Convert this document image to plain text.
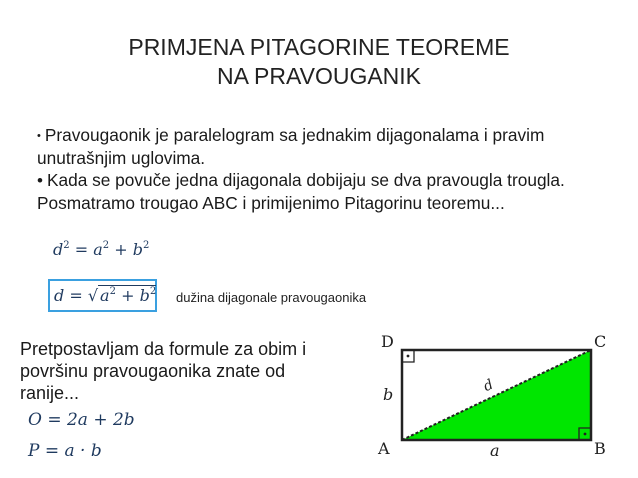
PRIMJENA PITAGORINE TEOREME
NA PRAVOUGANIK
• Pravougaonik je paralelogram sa jednakim dijagonalama i pravim
unutrašnjim uglovima.
• Kada se povuče jedna dijagonala dobijaju se dva pravougla trougla.
Posmatramo trougao ABC i primijenimo Pitagorinu teoremu...
$d^2 = a^2 + b^2$
d = √ $a^2 + b^2$ dužina dijagonale pravougaonika
Pretpostavljam da formule za obim i
površinu pravougaonika znate od
ranije...
O = 2a + 2b
P = a · b
D	C
A	B
b
a
d
